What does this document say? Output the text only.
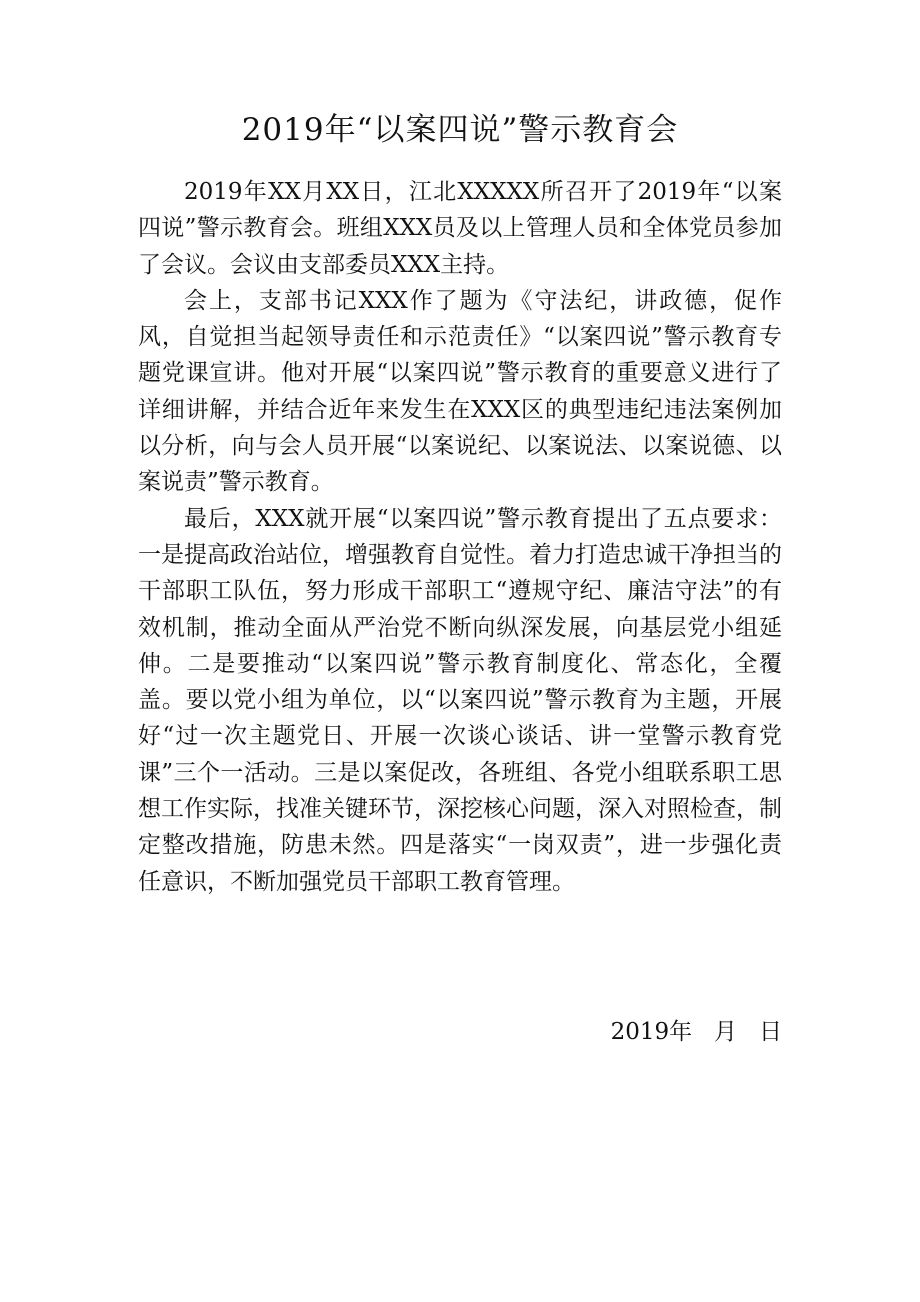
2019年“以案四说”警示教育会

2019年XX月XX日，江北XXXXX所召开了2019年“以案四说”警示教育会。班组XXX员及以上管理人员和全体党员参加了会议。会议由支部委员XXX主持。

会上，支部书记XXX作了题为《守法纪，讲政德，促作风，自觉担当起领导责任和示范责任》“以案四说”警示教育专题党课宣讲。他对开展“以案四说”警示教育的重要意义进行了详细讲解，并结合近年来发生在XXX区的典型违纪违法案例加以分析，向与会人员开展“以案说纪、以案说法、以案说德、以案说责”警示教育。

最后，XXX就开展“以案四说”警示教育提出了五点要求：一是提高政治站位，增强教育自觉性。着力打造忠诚干净担当的干部职工队伍，努力形成干部职工“遵规守纪、廉洁守法”的有效机制，推动全面从严治党不断向纵深发展，向基层党小组延伸。二是要推动“以案四说”警示教育制度化、常态化，全覆盖。要以党小组为单位，以“以案四说”警示教育为主题，开展好“过一次主题党日、开展一次谈心谈话、讲一堂警示教育党课”三个一活动。三是以案促改，各班组、各党小组联系职工思想工作实际，找准关键环节，深挖核心问题，深入对照检查，制定整改措施，防患未然。四是落实“一岗双责”，进一步强化责任意识，不断加强党员干部职工教育管理。

2019年   月   日
